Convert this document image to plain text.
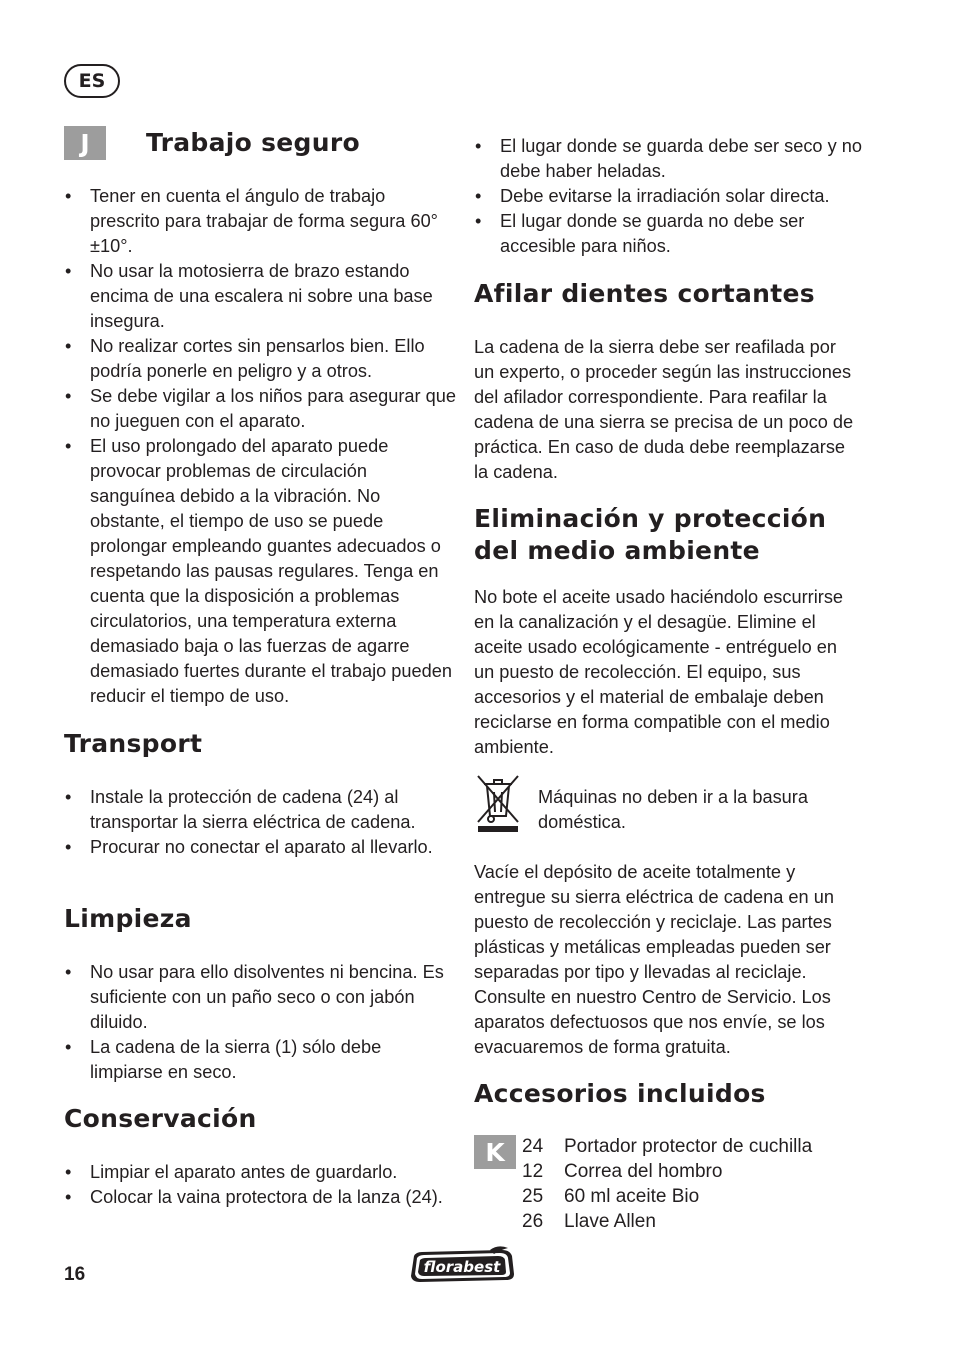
ES
J	Trabajo seguro
• Tener en cuenta el ángulo de trabajo prescrito para trabajar de forma segura 60°±10°.
• No usar la motosierra de brazo estando encima de una escalera ni sobre una base insegura.
• No realizar cortes sin pensarlos bien. Ello podría ponerle en peligro y a otros.
• Se debe vigilar a los niños para asegurar que no jueguen con el aparato.
• El uso prolongado del aparato puede provocar problemas de circulación sanguínea debido a la vibración. No obstante, el tiempo de uso se puede prolongar empleando guantes adecuados o respetando las pausas regulares. Tenga en cuenta que la disposición a problemas circulatorios, una temperatura externa demasiado baja o las fuerzas de agarre demasiado fuertes durante el trabajo pueden reducir el tiempo de uso.
Transport
• Instale la protección de cadena (24) al transportar la sierra eléctrica de cadena.
• Procurar no conectar el aparato al llevarlo.
Limpieza
• No usar para ello disolventes ni bencina. Es suficiente con un paño seco o con jabón diluido.
• La cadena de la sierra (1) sólo debe limpiarse en seco.
Conservación
• Limpiar el aparato antes de guardarlo.
• Colocar la vaina protectora de la lanza (24).
• El lugar donde se guarda debe ser seco y no debe haber heladas.
• Debe evitarse la irradiación solar directa.
• El lugar donde se guarda no debe ser accesible para niños.
Afilar dientes cortantes

La cadena de la sierra debe ser reafilada por un experto, o proceder según las instrucciones del afilador correspondiente. Para reafilar la cadena de una sierra se precisa de un poco de práctica. En caso de duda debe reemplazarse la cadena.

Eliminación y protección del medio ambiente

No bote el aceite usado haciéndolo escurrirse en la canalización y el desagüe. Elimine el aceite usado ecológicamente - entréguelo en un puesto de recolección. El equipo, sus accesorios y el material de embalaje deben reciclarse en forma compatible con el medio ambiente.

Máquinas no deben ir a la basura doméstica.

Vacíe el depósito de aceite totalmente y entregue su sierra eléctrica de cadena en un puesto de recolección y reciclaje. Las partes plásticas y metálicas empleadas pueden ser separadas por tipo y llevadas al reciclaje. Consulte en nuestro Centro de Servicio. Los aparatos defectuosos que nos envíe, se los evacuaremos de forma gratuita.

Accesorios incluidos
K 24	Portador protector de cuchilla
12	Correa del hombro
25	60 ml aceite Bio
26	Llave Allen
16	florabest
